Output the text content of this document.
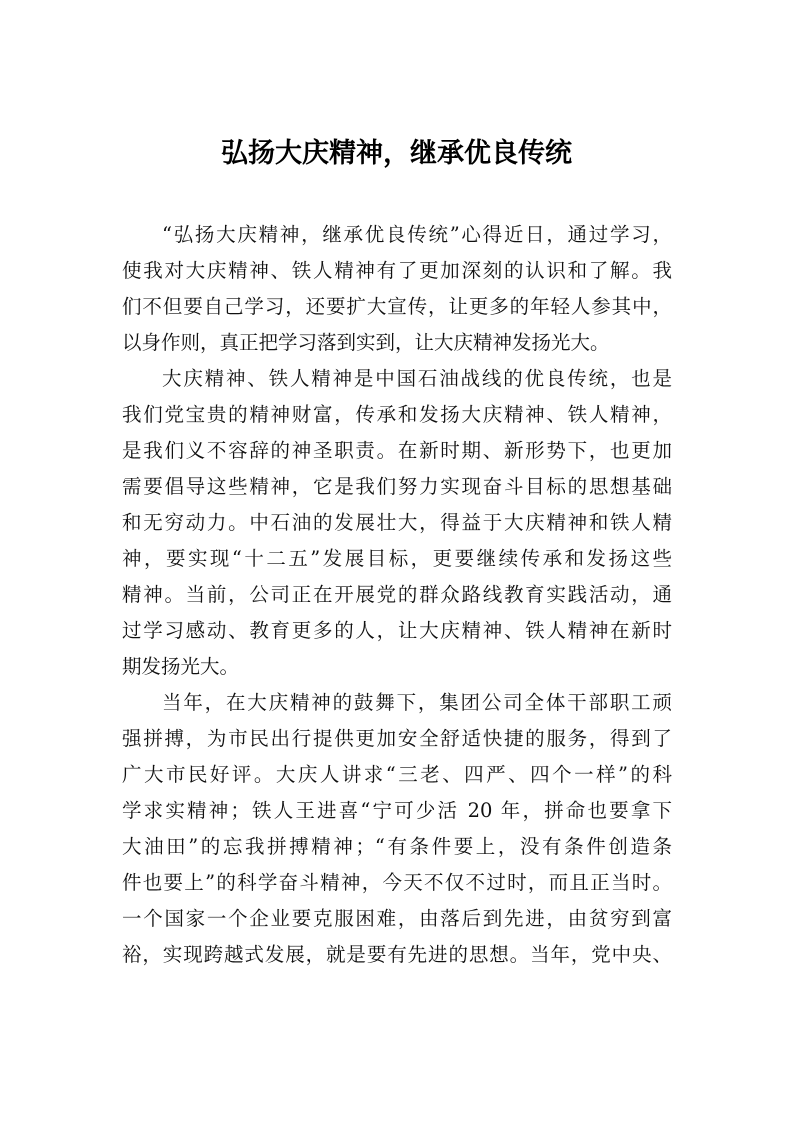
弘扬大庆精神，继承优良传统
“弘扬大庆精神，继承优良传统”心得近日，通过学习，
使我对大庆精神、铁人精神有了更加深刻的认识和了解。我
们不但要自己学习，还要扩大宣传，让更多的年轻人参其中，
以身作则，真正把学习落到实到，让大庆精神发扬光大。
大庆精神、铁人精神是中国石油战线的优良传统，也是
我们党宝贵的精神财富，传承和发扬大庆精神、铁人精神，
是我们义不容辞的神圣职责。在新时期、新形势下，也更加
需要倡导这些精神，它是我们努力实现奋斗目标的思想基础
和无穷动力。中石油的发展壮大，得益于大庆精神和铁人精
神，要实现“十二五”发展目标，更要继续传承和发扬这些
精神。当前，公司正在开展党的群众路线教育实践活动，通
过学习感动、教育更多的人，让大庆精神、铁人精神在新时
期发扬光大。
当年，在大庆精神的鼓舞下，集团公司全体干部职工顽
强拼搏，为市民出行提供更加安全舒适快捷的服务，得到了
广大市民好评。大庆人讲求“三老、四严、四个一样”的科
学求实精神；铁人王进喜“宁可少活 20 年，拼命也要拿下
大油田”的忘我拼搏精神；“有条件要上，没有条件创造条
件也要上”的科学奋斗精神，今天不仅不过时，而且正当时。
一个国家一个企业要克服困难，由落后到先进，由贫穷到富
裕，实现跨越式发展，就是要有先进的思想。当年，党中央、
